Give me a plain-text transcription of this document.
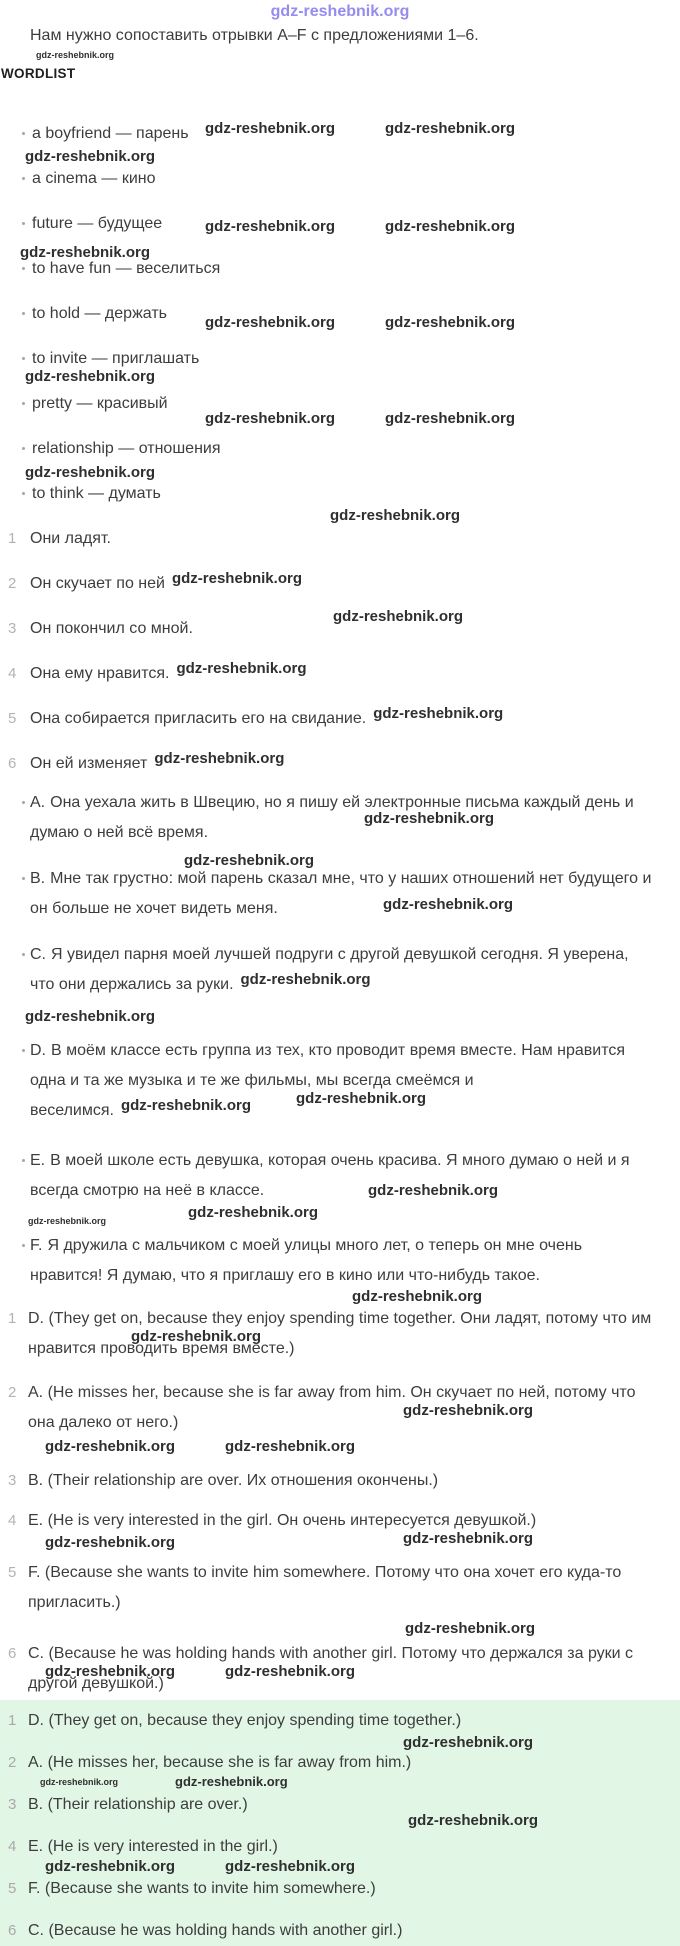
gdz-reshebnik.org

Нам нужно сопоставить отрывки A–F с предложениями 1–6.

WORDLIST
a boyfriend — парень
a cinema — кино
future — будущее
to have fun — веселиться
to hold — держать
to invite — приглашать
pretty — красивый
relationship — отношения
to think — думать
1 Они ладят.
2 Он скучает по ней gdz-reshebnik.org
3 Он покончил со мной.
4 Она ему нравится. gdz-reshebnik.org
5 Она собирается пригласить его на свидание. gdz-reshebnik.org
6 Он ей изменяет gdz-reshebnik.org
A. Она уехала жить в Швецию, но я пишу ей электронные письма каждый день и думаю о ней всё время.
B. Мне так грустно: мой парень сказал мне, что у наших отношений нет будущего и он больше не хочет видеть меня.
C. Я увидел парня моей лучшей подруги с другой девушкой сегодня. Я уверена, что они держались за руки. gdz-reshebnik.org
D. В моём классе есть группа из тех, кто проводит время вместе. Нам нравится одна и та же музыка и те же фильмы, мы всегда смеёмся и веселимся. gdz-reshebnik.org
E. В моей школе есть девушка, которая очень красива. Я много думаю о ней и я всегда смотрю на неё в классе.
F. Я дружила с мальчиком с моей улицы много лет, о теперь он мне очень нравится! Я думаю, что я приглашу его в кино или что-нибудь такое.
1 D. (They get on, because they enjoy spending time together. Они ладят, потому что им нравится проводить время вместе.)
2 A. (He misses her, because she is far away from him. Он скучает по ней, потому что она далеко от него.)
3 B. (Their relationship are over. Их отношения окончены.)
4 E. (He is very interested in the girl. Он очень интересуется девушкой.)
5 F. (Because she wants to invite him somewhere. Потому что она хочет его куда-то пригласить.)
6 C. (Because he was holding hands with another girl. Потому что держался за руки с другой девушкой.)
1 D. (They get on, because they enjoy spending time together.)
2 A. (He misses her, because she is far away from him.)
3 B. (Their relationship are over.)
4 E. (He is very interested in the girl.)
5 F. (Because she wants to invite him somewhere.)
6 C. (Because he was holding hands with another girl.)
gdz-reshebnik.org
gdz-reshebnik.org	gdz-reshebnik.org
gdz-reshebnik.org
gdz-reshebnik.org	gdz-reshebnik.org
gdz-reshebnik.org
gdz-reshebnik.org	gdz-reshebnik.org
gdz-reshebnik.org
gdz-reshebnik.org	gdz-reshebnik.org
gdz-reshebnik.org
gdz-reshebnik.org
gdz-reshebnik.org
gdz-reshebnik.org
gdz-reshebnik.org
gdz-reshebnik.org
gdz-reshebnik.org
gdz-reshebnik.org
gdz-reshebnik.org
gdz-reshebnik.org
gdz-reshebnik.org
gdz-reshebnik.org
gdz-reshebnik.org
gdz-reshebnik.org
gdz-reshebnik.org	gdz-reshebnik.org
gdz-reshebnik.org
gdz-reshebnik.org
gdz-reshebnik.org
gdz-reshebnik.org	gdz-reshebnik.org
gdz-reshebnik.org
gdz-reshebnik.org
gdz-reshebnik.org
gdz-reshebnik.org
gdz-reshebnik.org	gdz-reshebnik.org
